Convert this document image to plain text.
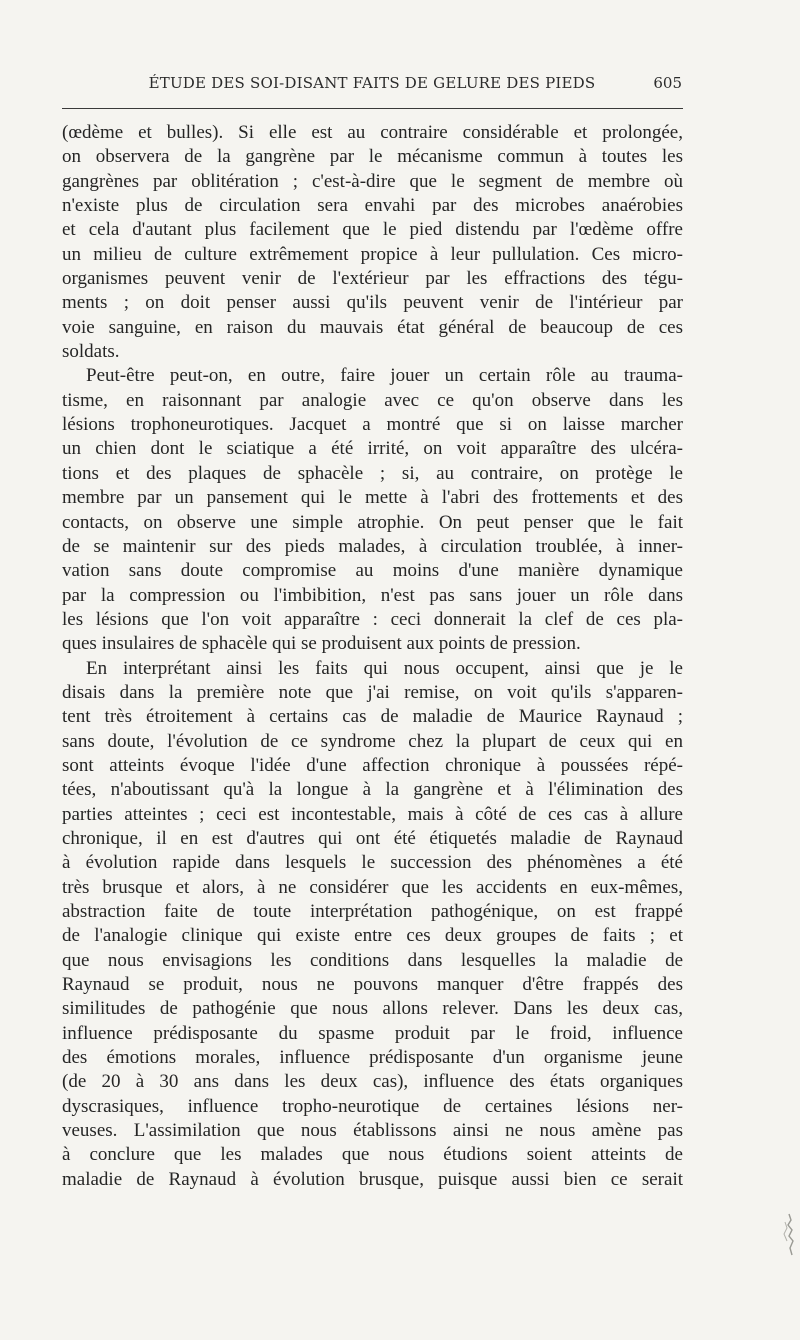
ÉTUDE DES SOI-DISANT FAITS DE GELURE DES PIEDS	605

(œdème et bulles). Si elle est au contraire considérable et prolongée,
on observera de la gangrène par le mécanisme commun à toutes les
gangrènes par oblitération ; c'est-à-dire que le segment de membre où
n'existe plus de circulation sera envahi par des microbes anaérobies
et cela d'autant plus facilement que le pied distendu par l'œdème offre
un milieu de culture extrêmement propice à leur pullulation. Ces micro-
organismes peuvent venir de l'extérieur par les effractions des tégu-
ments ; on doit penser aussi qu'ils peuvent venir de l'intérieur par
voie sanguine, en raison du mauvais état général de beaucoup de ces
soldats.

Peut-être peut-on, en outre, faire jouer un certain rôle au trauma-
tisme, en raisonnant par analogie avec ce qu'on observe dans les
lésions trophoneurotiques. Jacquet a montré que si on laisse marcher
un chien dont le sciatique a été irrité, on voit apparaître des ulcéra-
tions et des plaques de sphacèle ; si, au contraire, on protège le
membre par un pansement qui le mette à l'abri des frottements et des
contacts, on observe une simple atrophie. On peut penser que le fait
de se maintenir sur des pieds malades, à circulation troublée, à inner-
vation sans doute compromise au moins d'une manière dynamique
par la compression ou l'imbibition, n'est pas sans jouer un rôle dans
les lésions que l'on voit apparaître : ceci donnerait la clef de ces pla-
ques insulaires de sphacèle qui se produisent aux points de pression.

En interprétant ainsi les faits qui nous occupent, ainsi que je le
disais dans la première note que j'ai remise, on voit qu'ils s'apparen-
tent très étroitement à certains cas de maladie de Maurice Raynaud ;
sans doute, l'évolution de ce syndrome chez la plupart de ceux qui en
sont atteints évoque l'idée d'une affection chronique à poussées répé-
tées, n'aboutissant qu'à la longue à la gangrène et à l'élimination des
parties atteintes ; ceci est incontestable, mais à côté de ces cas à allure
chronique, il en est d'autres qui ont été étiquetés maladie de Raynaud
à évolution rapide dans lesquels le succession des phénomènes a été
très brusque et alors, à ne considérer que les accidents en eux-mêmes,
abstraction faite de toute interprétation pathogénique, on est frappé
de l'analogie clinique qui existe entre ces deux groupes de faits ; et
que nous envisagions les conditions dans lesquelles la maladie de
Raynaud se produit, nous ne pouvons manquer d'être frappés des
similitudes de pathogénie que nous allons relever. Dans les deux cas,
influence prédisposante du spasme produit par le froid, influence
des émotions morales, influence prédisposante d'un organisme jeune
(de 20 à 30 ans dans les deux cas), influence des états organiques
dyscrasiques, influence tropho-neurotique de certaines lésions ner-
veuses. L'assimilation que nous établissons ainsi ne nous amène pas
à conclure que les malades que nous étudions soient atteints de
maladie de Raynaud à évolution brusque, puisque aussi bien ce serait
